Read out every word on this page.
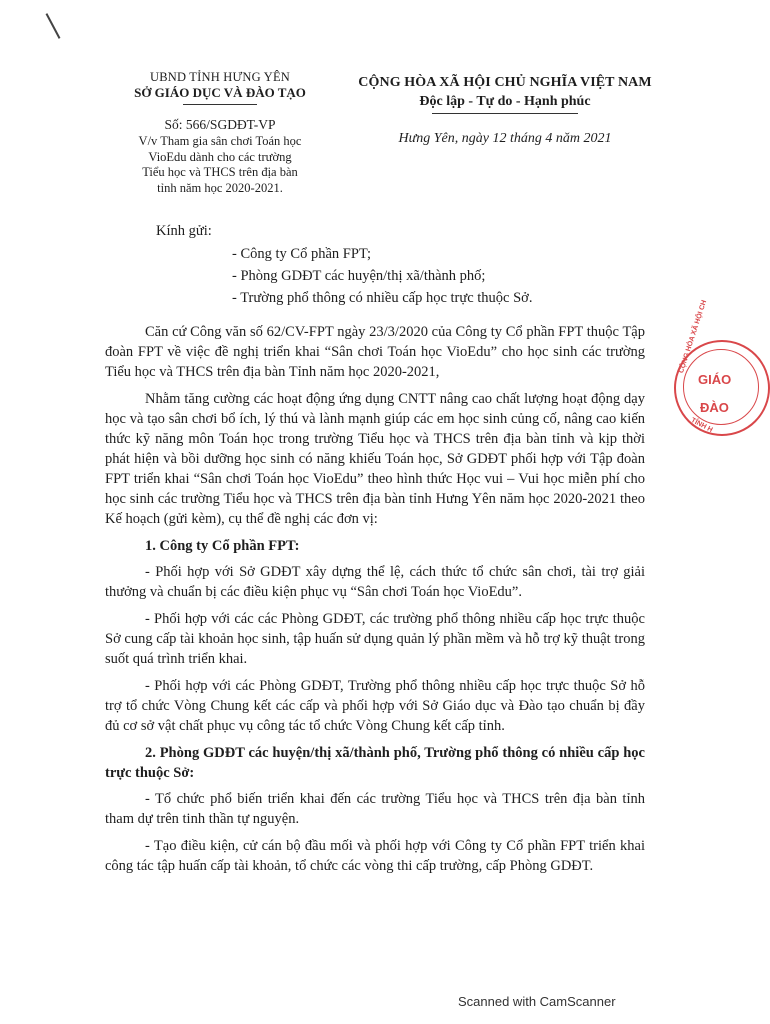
UBND TỈNH HƯNG YÊN
SỞ GIÁO DỤC VÀ ĐÀO TẠO
Số: 566/SGDĐT-VP
V/v Tham gia sân chơi Toán học
VioEdu dành cho các trường
Tiểu học và THCS trên địa bàn
tỉnh năm học 2020-2021.
CỘNG HÒA XÃ HỘI CHỦ NGHĨA VIỆT NAM
Độc lập - Tự do - Hạnh phúc
Hưng Yên, ngày 12 tháng 4 năm 2021
Kính gửi:
- Công ty Cổ phần FPT;
- Phòng GDĐT các huyện/thị xã/thành phố;
- Trường phổ thông có nhiều cấp học trực thuộc Sở.

Căn cứ Công văn số 62/CV-FPT ngày 23/3/2020 của Công ty Cổ phần FPT thuộc Tập đoàn FPT về việc đề nghị triển khai “Sân chơi Toán học VioEdu” cho học sinh các trường Tiểu học và THCS trên địa bàn Tỉnh năm học 2020-2021,

Nhằm tăng cường các hoạt động ứng dụng CNTT nâng cao chất lượng hoạt động dạy học và tạo sân chơi bổ ích, lý thú và lành mạnh giúp các em học sinh củng cố, nâng cao kiến thức kỹ năng môn Toán học trong trường Tiểu học và THCS trên địa bàn tỉnh và kịp thời phát hiện và bồi dưỡng học sinh có năng khiếu Toán học, Sở GDĐT phối hợp với Tập đoàn FPT triển khai “Sân chơi Toán học VioEdu” theo hình thức Học vui – Vui học miễn phí cho học sinh các trường Tiểu học và THCS trên địa bàn tỉnh Hưng Yên năm học 2020-2021 theo Kế hoạch (gửi kèm), cụ thể đề nghị các đơn vị:

1. Công ty Cổ phần FPT:

- Phối hợp với Sở GDĐT xây dựng thể lệ, cách thức tổ chức sân chơi, tài trợ giải thưởng và chuẩn bị các điều kiện phục vụ “Sân chơi Toán học VioEdu”.

- Phối hợp với các các Phòng GDĐT, các trường phổ thông nhiều cấp học trực thuộc Sở cung cấp tài khoản học sinh, tập huấn sử dụng quản lý phần mềm và hỗ trợ kỹ thuật trong suốt quá trình triển khai.

- Phối hợp với các Phòng GDĐT, Trường phổ thông nhiều cấp học trực thuộc Sở hỗ trợ tổ chức Vòng Chung kết các cấp và phối hợp với Sở Giáo dục và Đào tạo chuẩn bị đầy đủ cơ sở vật chất phục vụ công tác tổ chức Vòng Chung kết cấp tỉnh.

2. Phòng GDĐT các huyện/thị xã/thành phố, Trường phổ thông có nhiều cấp học trực thuộc Sở:

- Tổ chức phổ biến triển khai đến các trường Tiểu học và THCS trên địa bàn tỉnh tham dự trên tinh thần tự nguyện.

- Tạo điều kiện, cử cán bộ đầu mối và phối hợp với Công ty Cổ phần FPT triển khai công tác tập huấn cấp tài khoản, tổ chức các vòng thi cấp trường, cấp Phòng GDĐT.

CỘNG HÒA XÃ HỘI CH
GIÁO
ĐÀO
TỈNH H
Scanned with CamScanner
